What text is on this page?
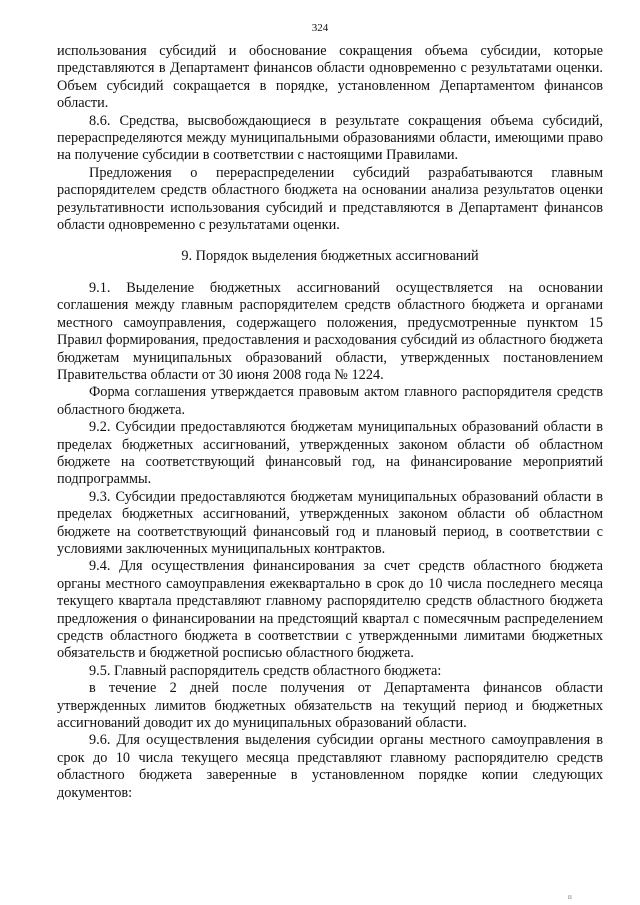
324

использования субсидий и обоснование сокращения объема субсидии, которые представляются в Департамент финансов области одновременно с результатами оценки. Объем субсидий сокращается в порядке, установленном Департаментом финансов области.

8.6. Средства, высвобождающиеся в результате сокращения объема субсидий, перераспределяются между муниципальными образованиями области, имеющими право на получение субсидии в соответствии с настоящими Правилами.

Предложения о перераспределении субсидий разрабатываются главным распорядителем средств областного бюджета на основании анализа результатов оценки результативности использования субсидий и представляются в Департамент финансов области одновременно с результатами оценки.

9. Порядок выделения бюджетных ассигнований

9.1. Выделение бюджетных ассигнований осуществляется на основании соглашения между главным распорядителем средств областного бюджета и органами местного самоуправления, содержащего положения, предусмотренные пунктом 15 Правил формирования, предоставления и расходования субсидий из областного бюджета бюджетам муниципальных образований области, утвержденных постановлением Правительства области от 30 июня 2008 года № 1224.

Форма соглашения утверждается правовым актом главного распорядителя средств областного бюджета.

9.2. Субсидии предоставляются бюджетам муниципальных образований области в пределах бюджетных ассигнований, утвержденных законом области об областном бюджете на соответствующий финансовый год, на финансирование мероприятий подпрограммы.

9.3. Субсидии предоставляются бюджетам муниципальных образований области в пределах бюджетных ассигнований, утвержденных законом области об областном бюджете на соответствующий финансовый год и плановый период, в соответствии с условиями заключенных муниципальных контрактов.

9.4. Для осуществления финансирования за счет средств областного бюджета органы местного самоуправления ежеквартально в срок до 10 числа последнего месяца текущего квартала представляют главному распорядителю средств областного бюджета предложения о финансировании на предстоящий квартал с помесячным распределением средств областного бюджета в соответствии с утвержденными лимитами бюджетных обязательств и бюджетной росписью областного бюджета.

9.5. Главный распорядитель средств областного бюджета:

в течение 2 дней после получения от Департамента финансов области утвержденных лимитов бюджетных обязательств на текущий период и бюджетных ассигнований доводит их до муниципальных образований области.

9.6. Для осуществления выделения субсидии органы местного самоуправления в срок до 10 числа текущего месяца представляют главному распорядителю средств областного бюджета заверенные в установленном порядке копии следующих документов:

п
